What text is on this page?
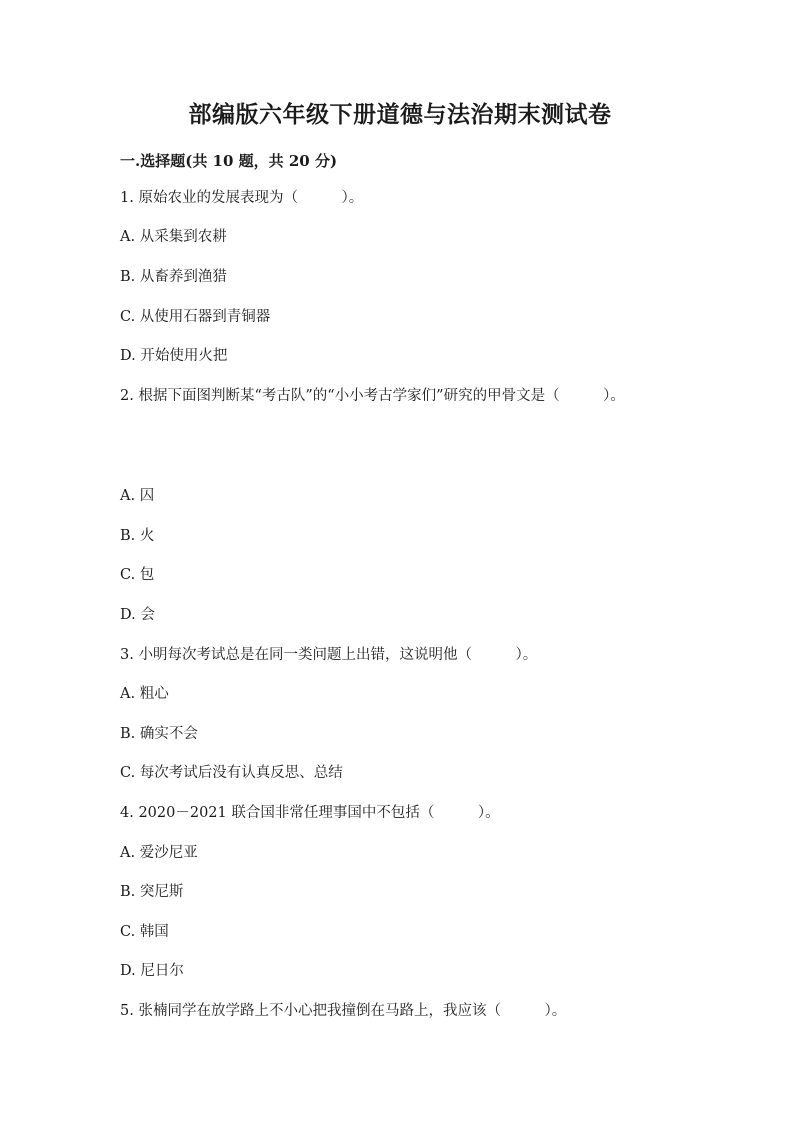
部编版六年级下册道德与法治期末测试卷
一.选择题(共 10 题，共 20 分)

1. 原始农业的发展表现为（　　　）。

A. 从采集到农耕

B. 从畜养到渔猎

C. 从使用石器到青铜器

D. 开始使用火把

2. 根据下面图判断某“考古队”的“小小考古学家们”研究的甲骨文是（　　　）。

A. 囚

B. 火

C. 包

D. 会

3. 小明每次考试总是在同一类问题上出错，这说明他（　　　）。

A. 粗心

B. 确实不会

C. 每次考试后没有认真反思、总结

4. 2020－2021 联合国非常任理事国中不包括（　　　）。

A. 爱沙尼亚

B. 突尼斯

C. 韩国

D. 尼日尔

5. 张楠同学在放学路上不小心把我撞倒在马路上，我应该（　　　）。
